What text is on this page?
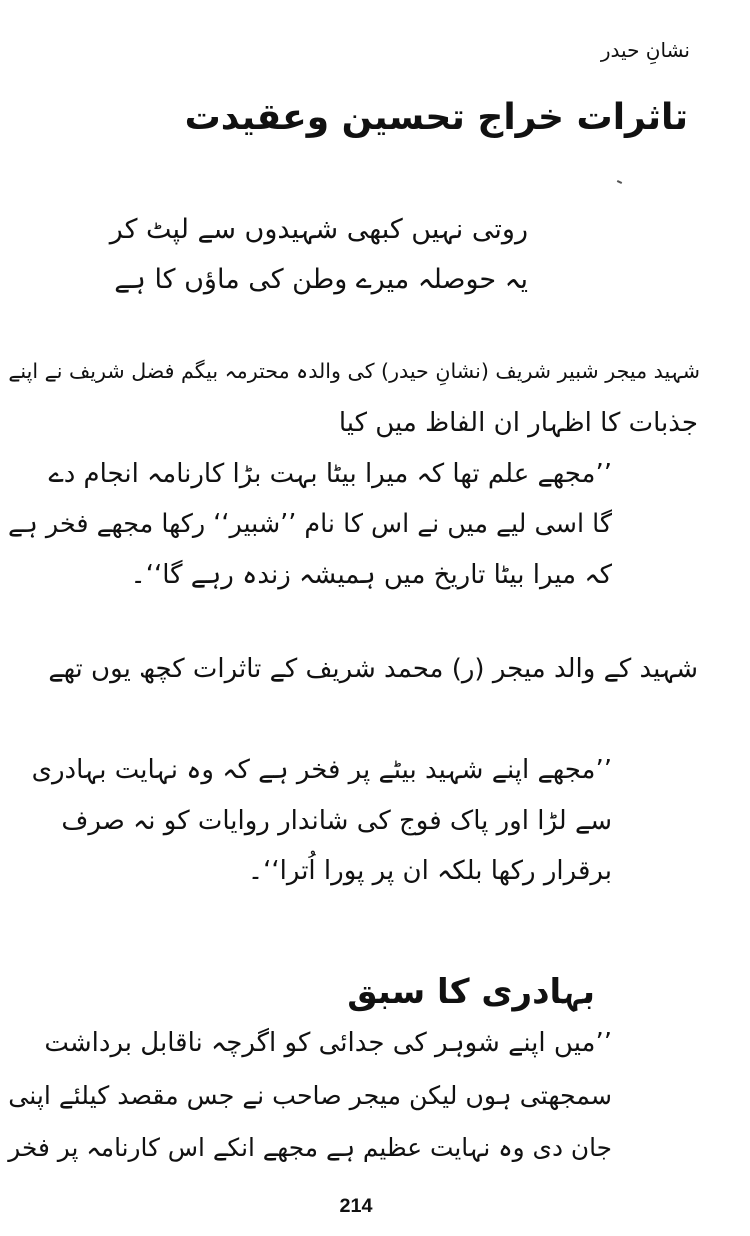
نشانِ حیدر

تاثرات خراج تحسین وعقیدت

روتی نہیں کبھی شہیدوں سے لپٹ کر

یہ حوصلہ میرے وطن کی ماؤں کا ہے

شہید میجر شبیر شریف (نشانِ حیدر) کی والدہ محترمہ بیگم فضل شریف نے اپنے

جذبات کا اظہار ان الفاظ میں کیا

’’مجھے علم تھا کہ میرا بیٹا بہت بڑا کارنامہ انجام دے

گا اسی لیے میں نے اس کا نام ’’شبیر‘‘ رکھا مجھے فخر ہے

کہ میرا بیٹا تاریخ میں ہمیشہ زندہ رہے گا‘‘۔

شہید کے والد میجر (ر) محمد شریف کے تاثرات کچھ یوں تھے

’’مجھے اپنے شہید بیٹے پر فخر ہے کہ وہ نہایت بہادری

سے لڑا اور پاک فوج کی شاندار روایات کو نہ صرف

برقرار رکھا بلکہ ان پر پورا اُترا‘‘۔

بہادری کا سبق

’’میں اپنے شوہر کی جدائی کو اگرچہ ناقابل برداشت

سمجھتی ہوں لیکن میجر صاحب نے جس مقصد کیلئے اپنی

جان دی وہ نہایت عظیم ہے مجھے انکے اس کارنامہ پر فخر

214
